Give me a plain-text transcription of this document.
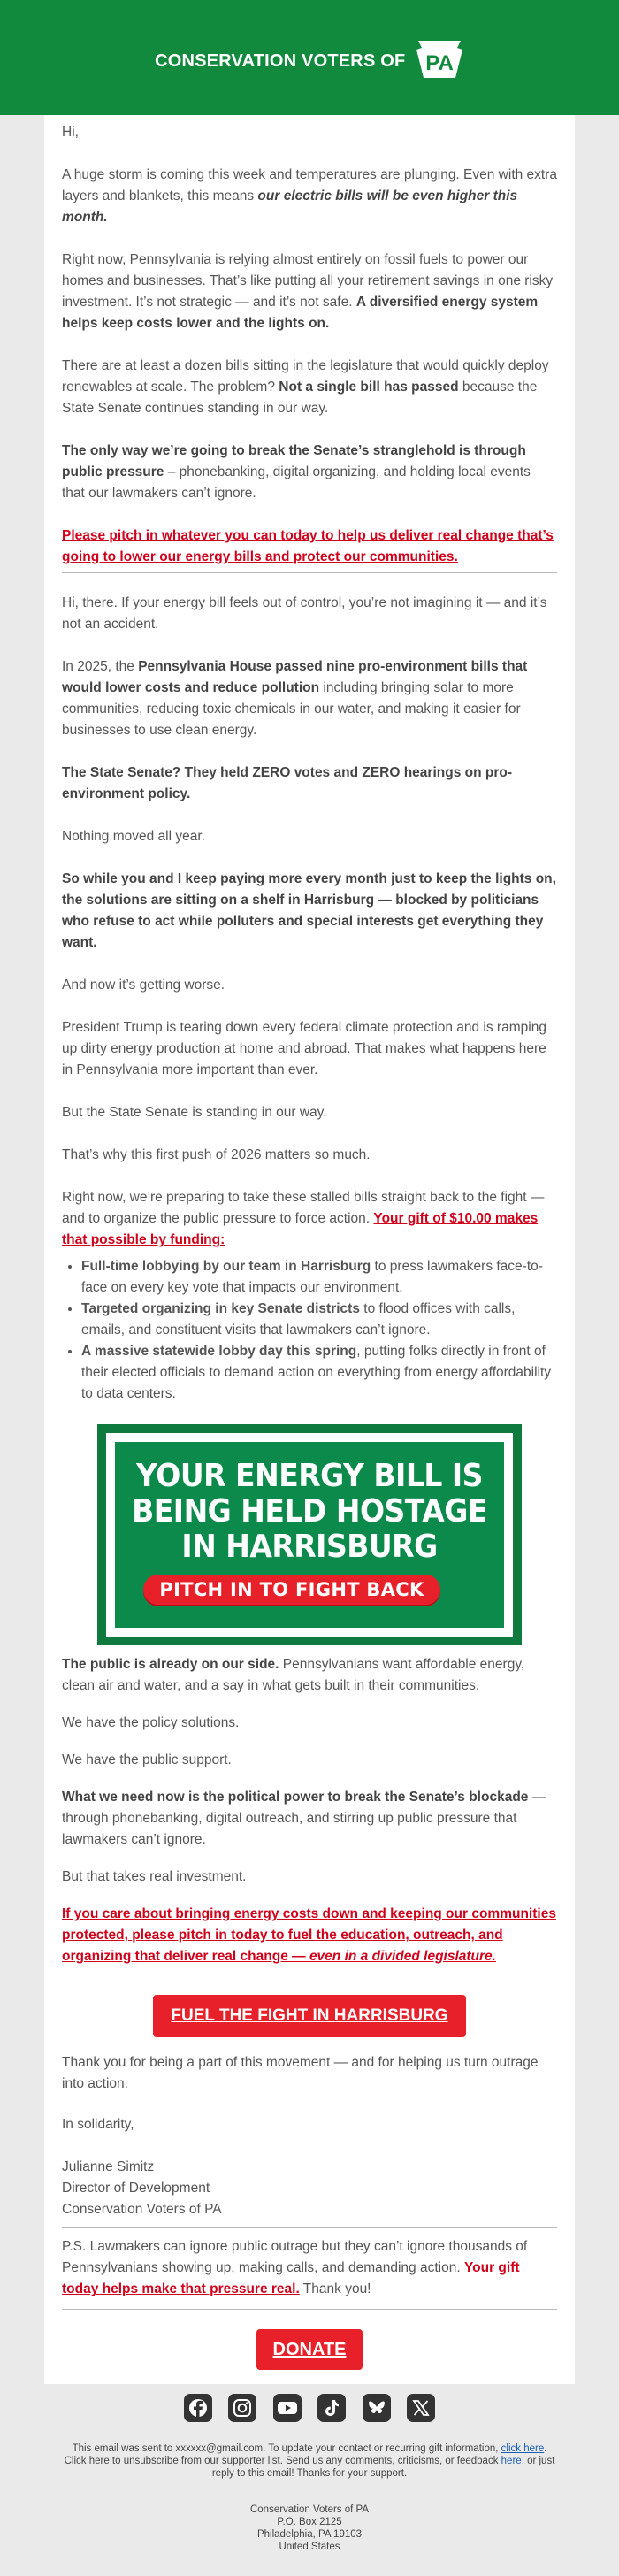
CONSERVATION VOTERS OF PA

Hi,

A huge storm is coming this week and temperatures are plunging. Even with extra layers and blankets, this means our electric bills will be even higher this month.

Right now, Pennsylvania is relying almost entirely on fossil fuels to power our homes and businesses. That’s like putting all your retirement savings in one risky investment. It’s not strategic — and it’s not safe. A diversified energy system helps keep costs lower and the lights on.

There are at least a dozen bills sitting in the legislature that would quickly deploy renewables at scale. The problem? Not a single bill has passed because the State Senate continues standing in our way.

The only way we’re going to break the Senate’s stranglehold is through public pressure – phonebanking, digital organizing, and holding local events that our lawmakers can’t ignore.

Please pitch in whatever you can today to help us deliver real change that’s going to lower our energy bills and protect our communities.

Hi, there. If your energy bill feels out of control, you’re not imagining it — and it’s not an accident.

In 2025, the Pennsylvania House passed nine pro-environment bills that would lower costs and reduce pollution including bringing solar to more communities, reducing toxic chemicals in our water, and making it easier for businesses to use clean energy.

The State Senate? They held ZERO votes and ZERO hearings on pro-environment policy.

Nothing moved all year.

So while you and I keep paying more every month just to keep the lights on, the solutions are sitting on a shelf in Harrisburg — blocked by politicians who refuse to act while polluters and special interests get everything they want.

And now it’s getting worse.

President Trump is tearing down every federal climate protection and is ramping up dirty energy production at home and abroad. That makes what happens here in Pennsylvania more important than ever.

But the State Senate is standing in our way.

That’s why this first push of 2026 matters so much.

Right now, we’re preparing to take these stalled bills straight back to the fight — and to organize the public pressure to force action. Your gift of $10.00 makes that possible by funding:

• Full-time lobbying by our team in Harrisburg to press lawmakers face-to-face on every key vote that impacts our environment.
• Targeted organizing in key Senate districts to flood offices with calls, emails, and constituent visits that lawmakers can’t ignore.
• A massive statewide lobby day this spring, putting folks directly in front of their elected officials to demand action on everything from energy affordability to data centers.
YOUR ENERGY BILL IS
BEING HELD HOSTAGE
IN HARRISBURG
PITCH IN TO FIGHT BACK

The public is already on our side. Pennsylvanians want affordable energy, clean air and water, and a say in what gets built in their communities.

We have the policy solutions.

We have the public support.

What we need now is the political power to break the Senate’s blockade — through phonebanking, digital outreach, and stirring up public pressure that lawmakers can’t ignore.

But that takes real investment.

If you care about bringing energy costs down and keeping our communities protected, please pitch in today to fuel the education, outreach, and organizing that deliver real change — even in a divided legislature.

FUEL THE FIGHT IN HARRISBURG

Thank you for being a part of this movement — and for helping us turn outrage into action.

In solidarity,

Julianne Simitz

Director of Development

Conservation Voters of PA

P.S. Lawmakers can ignore public outrage but they can’t ignore thousands of Pennsylvanians showing up, making calls, and demanding action. Your gift today helps make that pressure real. Thank you!

DONATE

This email was sent to xxxxxx@gmail.com. To update your contact or recurring gift information, click here.
Click here to unsubscribe from our supporter list. Send us any comments, criticisms, or feedback here, or just
reply to this email! Thanks for your support.
Conservation Voters of PA
P.O. Box 2125
Philadelphia, PA 19103
United States
